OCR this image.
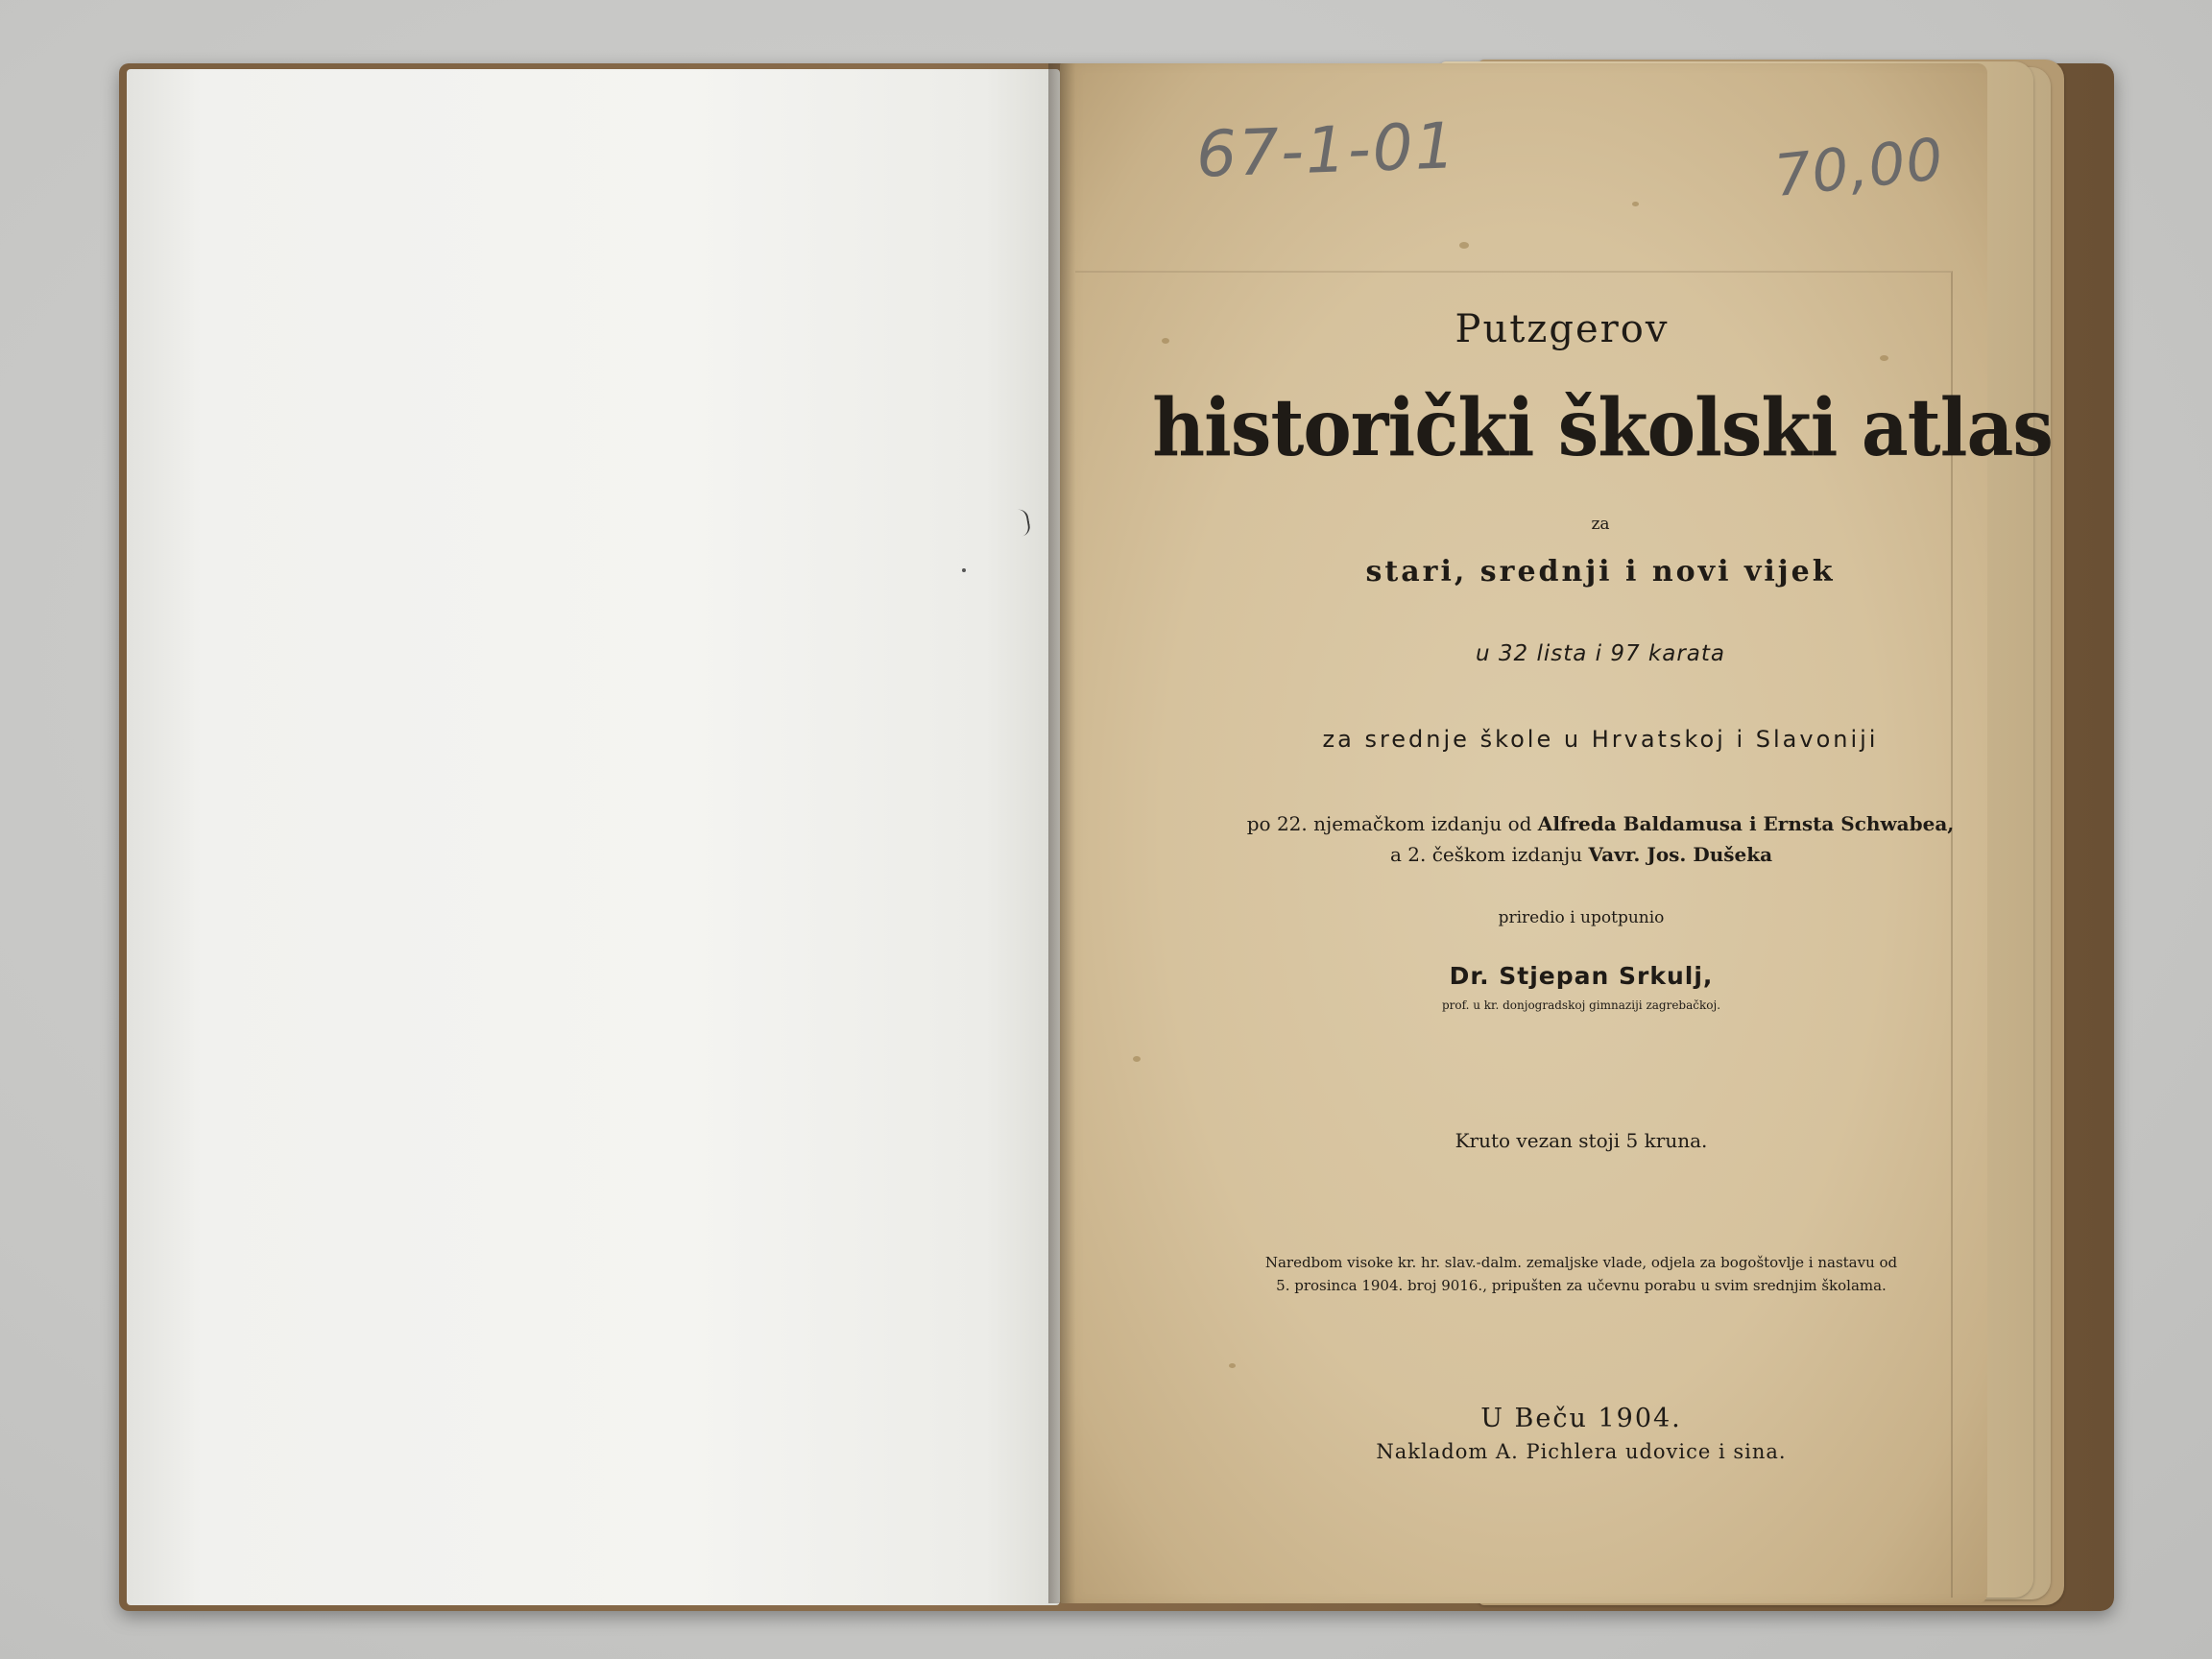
67-1-01	70,00
Putzgerov
historički školski atlas
za
stari, srednji i novi vijek
u 32 lista i 97 karata
za srednje škole u Hrvatskoj i Slavoniji
po 22. njemačkom izdanju od Alfreda Baldamusa i Ernsta Schwabea,
a 2. češkom izdanju Vavr. Jos. Dušeka
priredio i upotpunio
Dr. Stjepan Srkulj,
prof. u kr. donjogradskoj gimnaziji zagrebačkoj.
Kruto vezan stoji 5 kruna.
Naredbom visoke kr. hr. slav.-dalm. zemaljske vlade, odjela za bogoštovlje i nastavu od
5. prosinca 1904. broj 9016., pripušten za učevnu porabu u svim srednjim školama.
U Beču 1904.
Nakladom A. Pichlera udovice i sina.
